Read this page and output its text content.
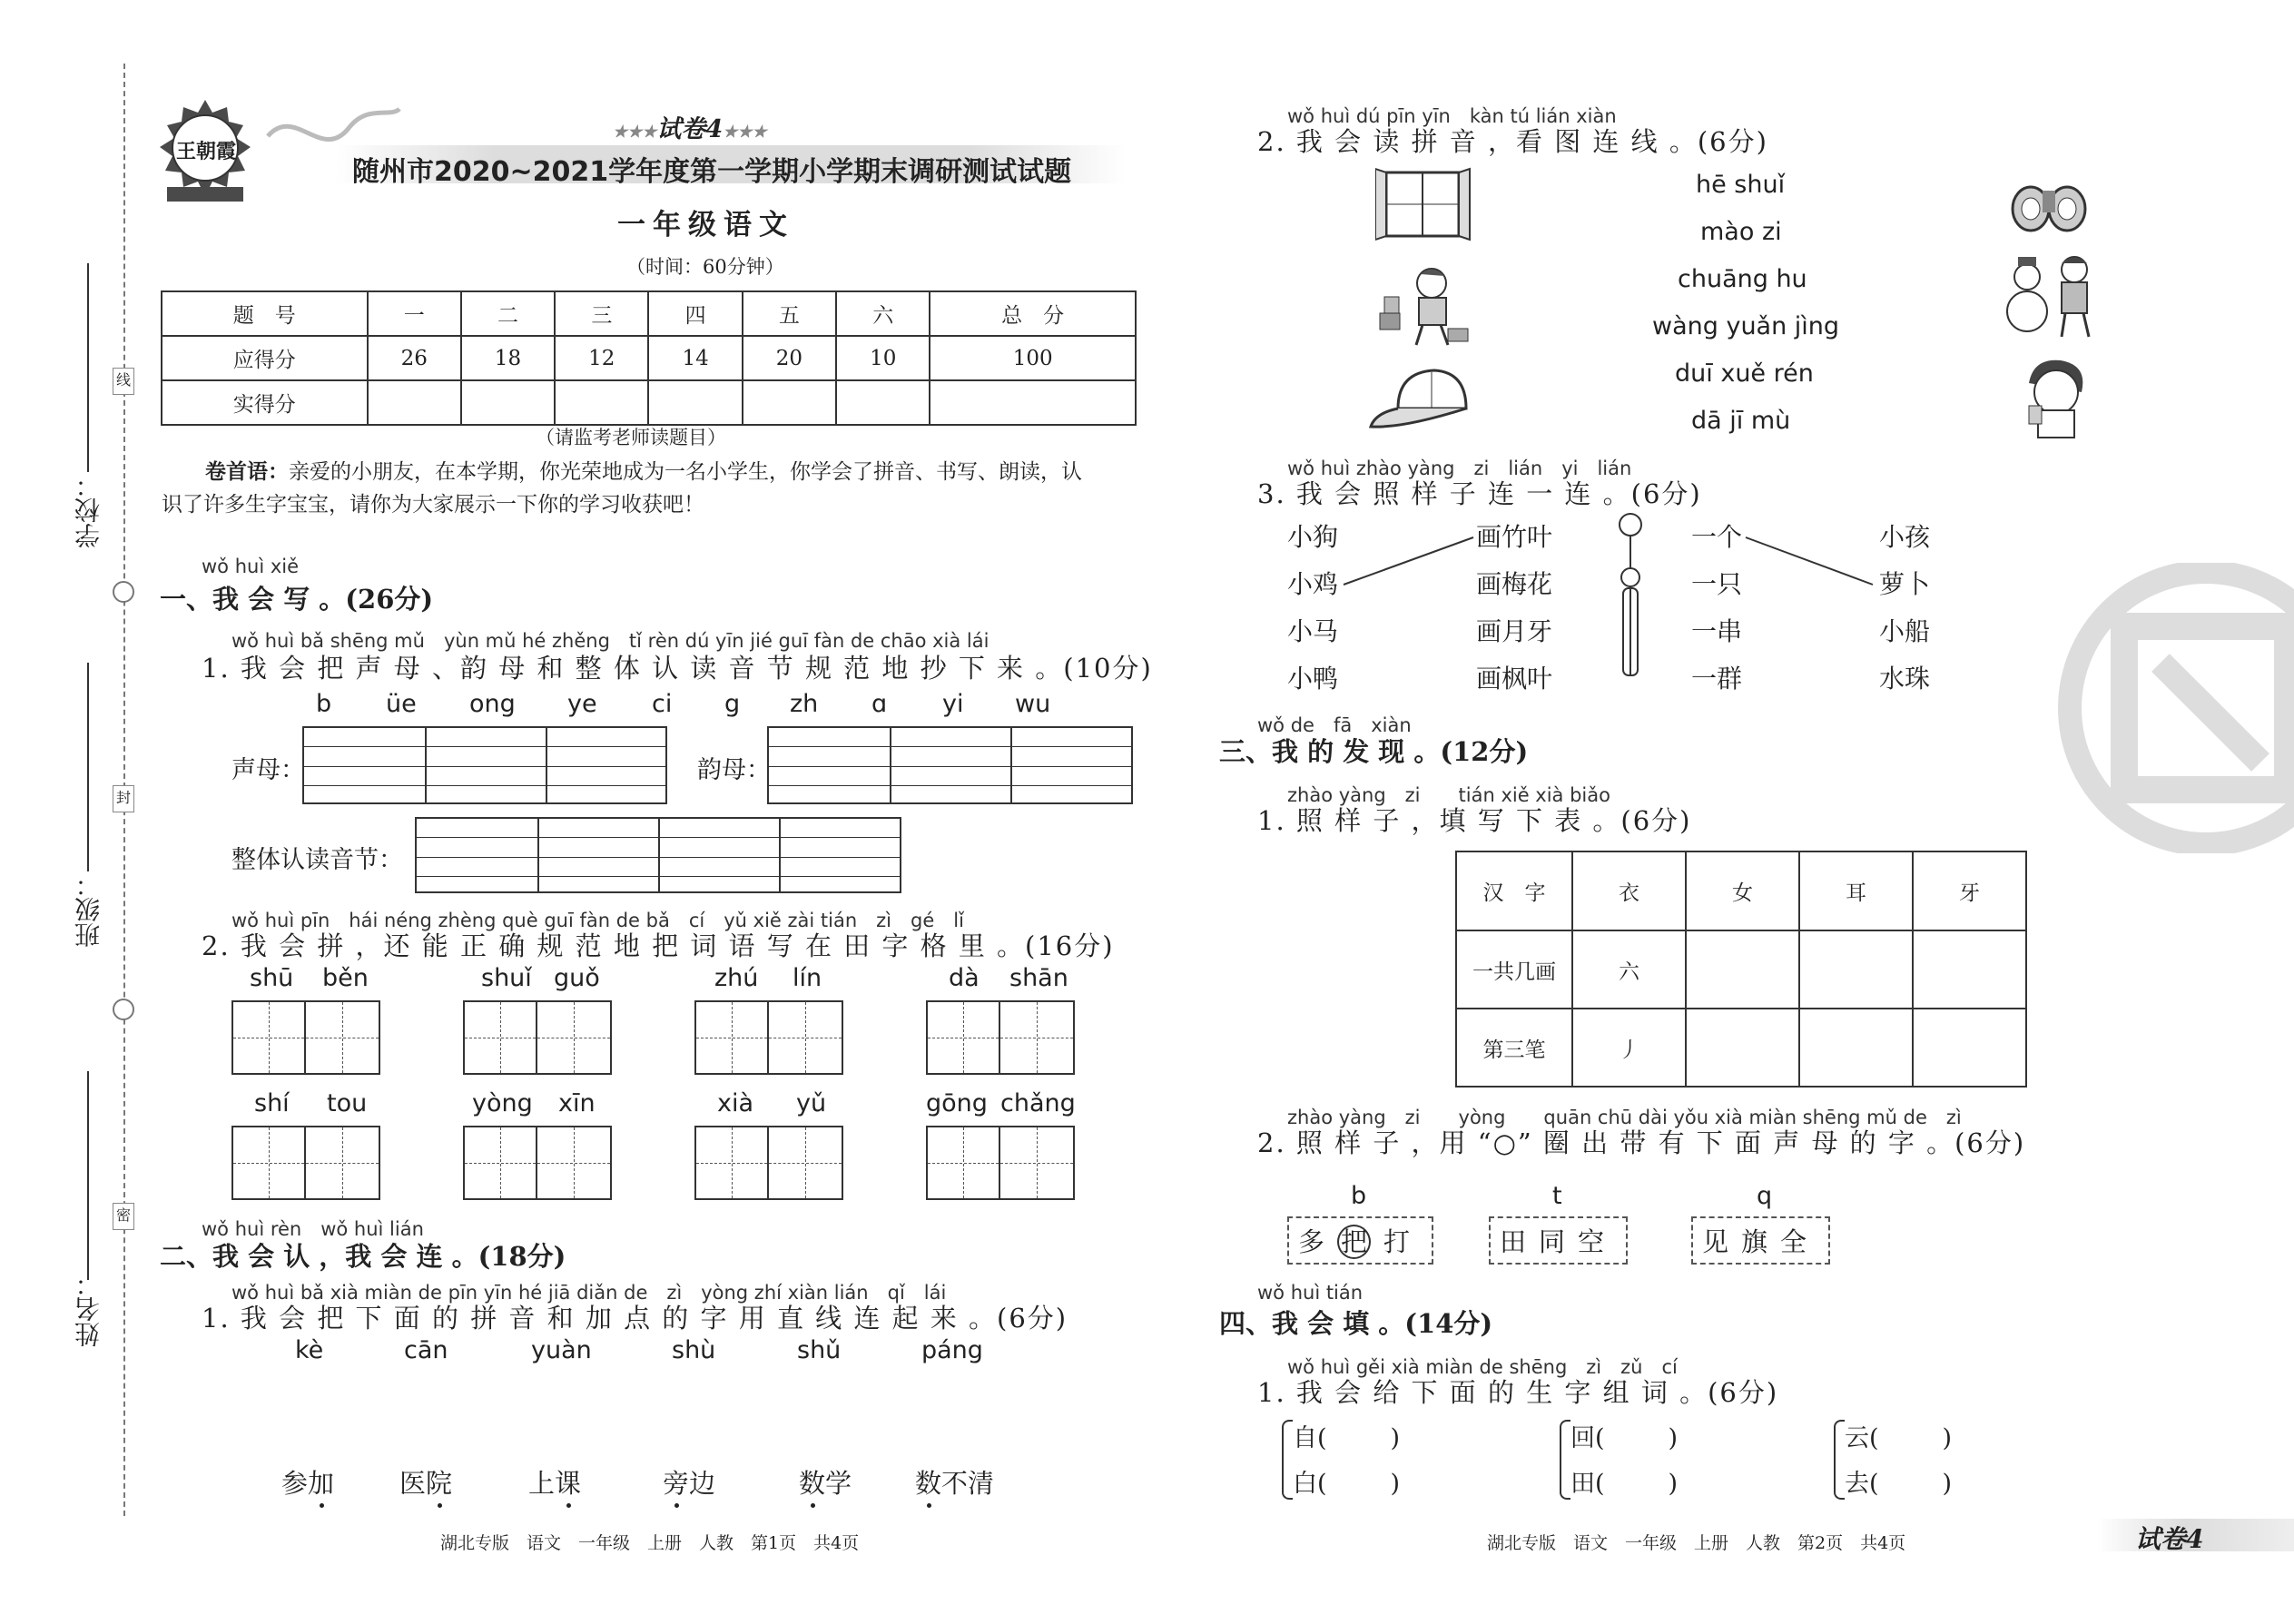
线
封
密
学校：
班级：
姓名：
王朝霞
★★★试卷4★★★
随州市2020~2021学年度第一学期小学期末调研测试试题
一年级语文
（时间：60分钟）
题　号	一	二	三	四	五	六	总　分
应得分	26	18	12	14	20	10	100
实得分							
（请监考老师读题目）
卷首语：亲爱的小朋友，在本学期，你光荣地成为一名小学生，你学会了拼音、书写、朗读，认
识了许多生字宝宝，请你为大家展示一下你的学习收获吧！
wǒ huì xiě
一、我 会 写 。(26分)
wǒ huì bǎ shēng mǔ　yùn mǔ hé zhěng　tǐ rèn dú yīn jié guī fàn de chāo xià lái
1. 我 会 把 声 母 、韵 母 和 整 体 认 读 音 节 规 范 地 抄 下 来 。(10分)
b üe ong ye ci g zh ɑ yi wu
声母：	韵母：
整体认读音节：
wǒ huì pīn　hái néng zhèng què guī fàn de bǎ　cí　yǔ xiě zài tián　zì　gé　lǐ
2. 我 会 拼 ，还 能 正 确 规 范 地 把 词 语 写 在 田 字 格 里 。(16分)
shū běn	shuǐ guǒ	zhú lín	dà shān
shí tou	yòng xīn	xià yǔ	gōng chǎng
wǒ huì rèn　wǒ huì lián
二、我 会 认 ，我 会 连 。(18分)
wǒ huì bǎ xià miàn de pīn yīn hé jiā diǎn de　zì　yòng zhí xiàn lián　qǐ　lái
1. 我 会 把 下 面 的 拼 音 和 加 点 的 字 用 直 线 连 起 来 。(6分)
kè	cān	yuàn	shù	shǔ	páng
参加 医院	上课	旁边	数学 数不清
湖北专版　语文　一年级　上册　人教　第1页　共4页
wǒ huì dú pīn yīn　kàn tú lián xiàn
2. 我 会 读 拼 音 ，看 图 连 线 。(6分)
hē shuǐ
mào zi
chuāng hu
wàng yuǎn jìng
duī xuě rén
dā jī mù
wǒ huì zhào yàng　zi　lián　yi　lián
3. 我 会 照 样 子 连 一 连 。(6分)
小狗
小鸡
小马
小鸭
画竹叶
画梅花
画月牙
画枫叶
一个
一只
一串
一群
小孩
萝卜
小船
水珠
wǒ de　fā　xiàn
三、我 的 发 现 。(12分)
zhào yàng　zi　　tián xiě xià biǎo
1. 照 样 子 ，填 写 下 表 。(6分)
汉　字	衣	女	耳	牙
一共几画	六			
第三笔	丿			
zhào yàng　zi　　yòng　　quān chū dài yǒu xià miàn shēng mǔ de　zì
2. 照 样 子 ，用 “○” 圈 出 带 有 下 面 声 母 的 字 。(6分)
b	t	q
多 把 打	田同空	见旗全
wǒ huì tián
四、我 会 填 。(14分)
wǒ huì gěi xià miàn de shēng　zì　zǔ　cí
1. 我 会 给 下 面 的 生 字 组 词 。(6分)
自(	)
白(	)
回(	)
田(	)
云(	)
去(	)
湖北专版　语文　一年级　上册　人教　第2页　共4页	试卷4
